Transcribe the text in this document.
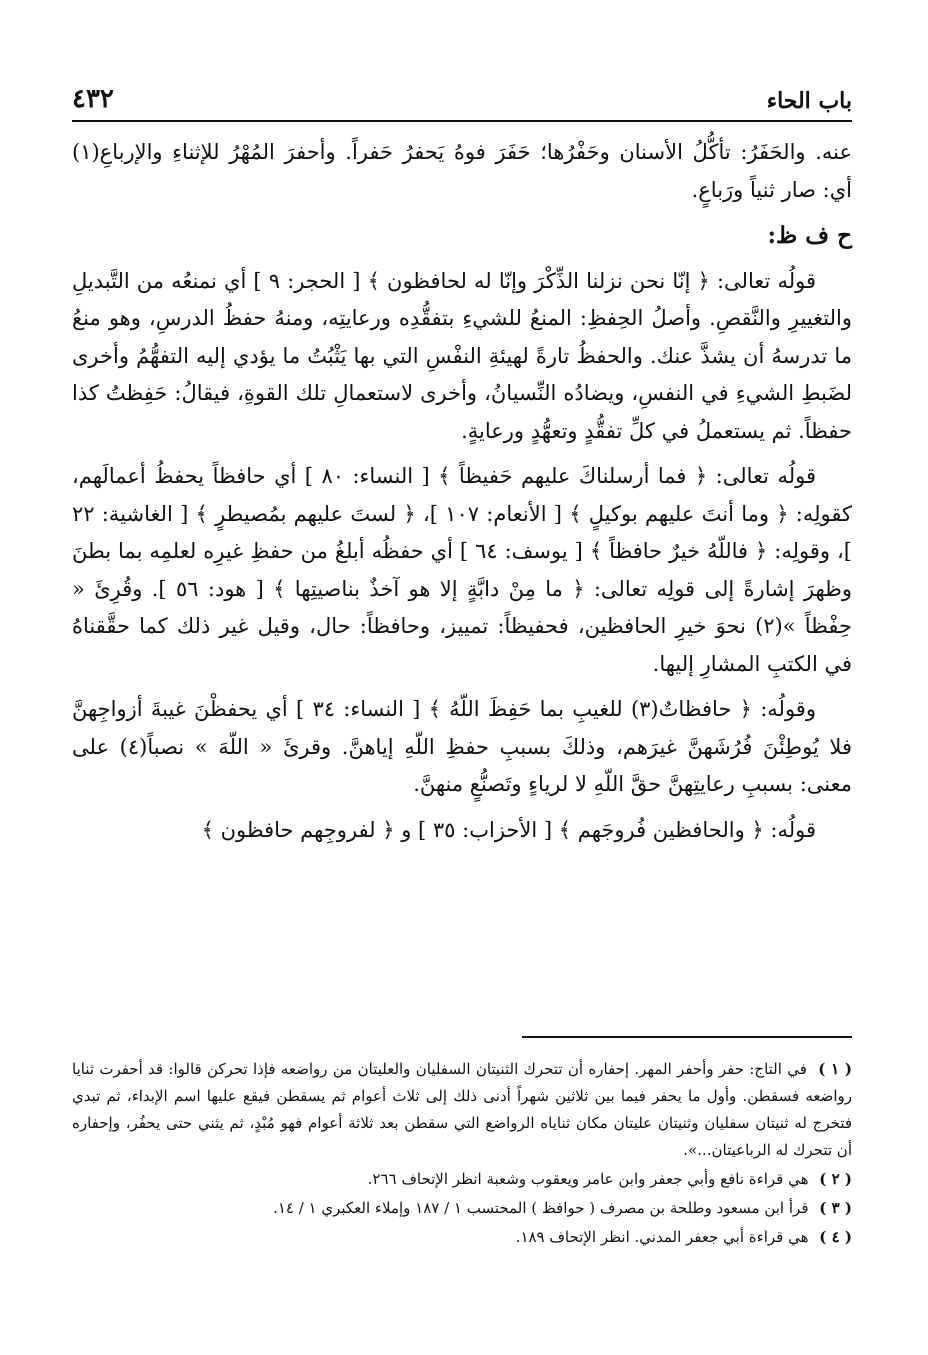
باب الحاء
٤٣٢

عنه. والحَفَرُ: تأكُّلُ الأسنان وحَفْرُها؛ حَفَرَ فوهُ يَحفرُ حَفراً. وأحفرَ المُهْرُ للإثناءِ والإرباعِ(١) أي: صار ثنياً ورَباعٍ.

ح ف ظ:

قولُه تعالى: ﴿ إنّا نحن نزلنا الذِّكْرَ وإنّا له لحافظون ﴾ [ الحجر: ٩ ] أي نمنعُه من التَّبديلِ والتغييرِ والنَّقصِ. وأصلُ الحِفظِ: المنعُ للشيءِ بتفقُّدِه ورعايتِه، ومنهُ حفظُ الدرسِ، وهو منعُ ما تدرسهُ أن يشذَّ عنك. والحفظُ تارةً لهيئةِ النفْسِ التي بها يَثْبُتُ ما يؤدي إليه التفهُّمُ وأخرى لضَبطِ الشيءِ في النفسِ، ويضادُه النِّسيانُ، وأخرى لاستعمالِ تلك القوةِ، فيقالُ: حَفِظتُ كذا حفظاً. ثم يستعملُ في كلِّ تفقُّدٍ وتعهُّدٍ ورعايةٍ.

قولُه تعالى: ﴿ فما أرسلناكَ عليهم حَفيظاً ﴾ [ النساء: ٨٠ ] أي حافظاً يحفظُ أعمالَهم، كقولِه: ﴿ وما أنتَ عليهم بوكيلٍ ﴾ [ الأنعام: ١٠٧ ]، ﴿ لستَ عليهم بمُصيطرٍ ﴾ [ الغاشية: ٢٢ ]، وقولِه: ﴿ فاللّهُ خيرٌ حافظاً ﴾ [ يوسف: ٦٤ ] أي حفظُه أبلغُ من حفظِ غيرِه لعلمِه بما بطنَ وظهرَ إشارةً إلى قولِه تعالى: ﴿ ما مِنْ دابَّةٍ إلا هو آخذٌ بناصيتِها ﴾ [ هود: ٥٦ ]. وقُرِئَ « حِفْظاً »(٢) نحوَ خيرِ الحافظين، فحفيظاً: تمييز، وحافظاً: حال، وقيل غير ذلك كما حقَّقناهُ في الكتبِ المشارِ إليها.

وقولُه: ﴿ حافظاتٌ(٣) للغيبِ بما حَفِظَ اللّهُ ﴾ [ النساء: ٣٤ ] أي يحفظْنَ غيبةَ أزواجِهنَّ فلا يُوطِئْنَ فُرُشَهنَّ غيرَهم، وذلكَ بسببِ حفظِ اللّهِ إياهنَّ. وقرئَ « اللّهَ » نصباً(٤) على معنى: بسببِ رعايتِهنَّ حقَّ اللّهِ لا لرياءٍ وتَصنُّعٍ منهنَّ.

قولُه: ﴿ والحافظين فُروجَهم ﴾ [ الأحزاب: ٣٥ ] و ﴿ لفروجِهم حافظون ﴾

( ١ ) في التاج: حفر وأحفر المهر. إحفاره أن تتحرك الثنيتان السفليان والعليتان من رواضعه فإذا تحركن قالوا: قد أحفرت ثنايا رواضعه فسقطن. وأول ما يحفر فيما بين ثلاثين شهراً أدنى ذلك إلى ثلاث أعوام ثم يسقطن فيقع عليها اسم الإبداء، ثم تبدي فتخرج له ثنيتان سفليان وثنيتان عليتان مكان ثناياه الرواضع التي سقطن بعد ثلاثة أعوام فهو مُبْدٍ، ثم يثني حتى يحفُر، وإحفاره أن تتحرك له الرباعيتان...».

( ٢ ) هي قراءة نافع وأبي جعفر وابن عامر ويعقوب وشعبة انظر الإتحاف ٢٦٦.

( ٣ ) قرأ ابن مسعود وطلحة بن مصرف ( حوافظ ) المحتسب ١ / ١٨٧ وإملاء العكبري ١ / ١٤.

( ٤ ) هي قراءة أبي جعفر المدني. انظر الإتحاف ١٨٩.
